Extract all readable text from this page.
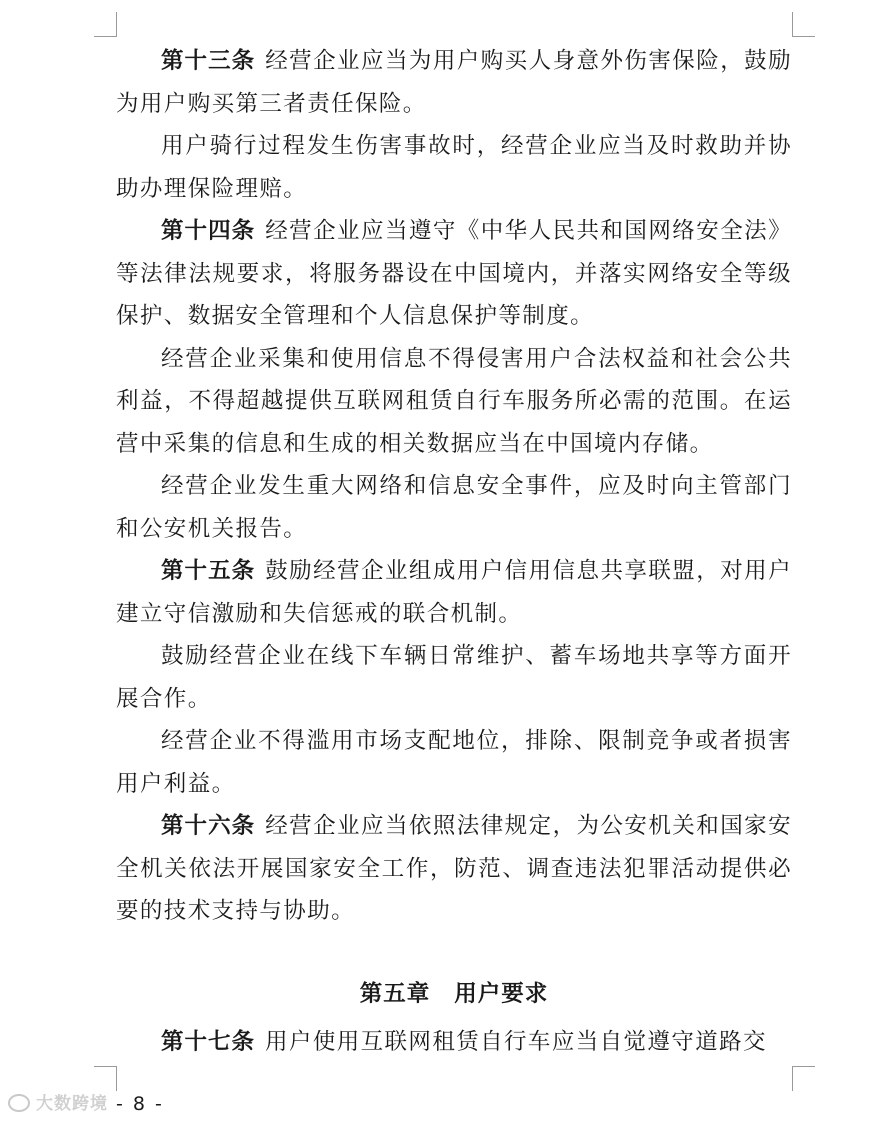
第十三条 经营企业应当为用户购买人身意外伤害保险，鼓励为用户购买第三者责任保险。

用户骑行过程发生伤害事故时，经营企业应当及时救助并协助办理保险理赔。

第十四条 经营企业应当遵守《中华人民共和国网络安全法》等法律法规要求，将服务器设在中国境内，并落实网络安全等级保护、数据安全管理和个人信息保护等制度。

经营企业采集和使用信息不得侵害用户合法权益和社会公共利益，不得超越提供互联网租赁自行车服务所必需的范围。在运营中采集的信息和生成的相关数据应当在中国境内存储。

经营企业发生重大网络和信息安全事件，应及时向主管部门和公安机关报告。

第十五条 鼓励经营企业组成用户信用信息共享联盟，对用户建立守信激励和失信惩戒的联合机制。

鼓励经营企业在线下车辆日常维护、蓄车场地共享等方面开展合作。

经营企业不得滥用市场支配地位，排除、限制竞争或者损害用户利益。

第十六条 经营企业应当依照法律规定，为公安机关和国家安全机关依法开展国家安全工作，防范、调查违法犯罪活动提供必要的技术支持与协助。

第五章 用户要求

第十七条 用户使用互联网租赁自行车应当自觉遵守道路交

大数跨境 - 8 -
